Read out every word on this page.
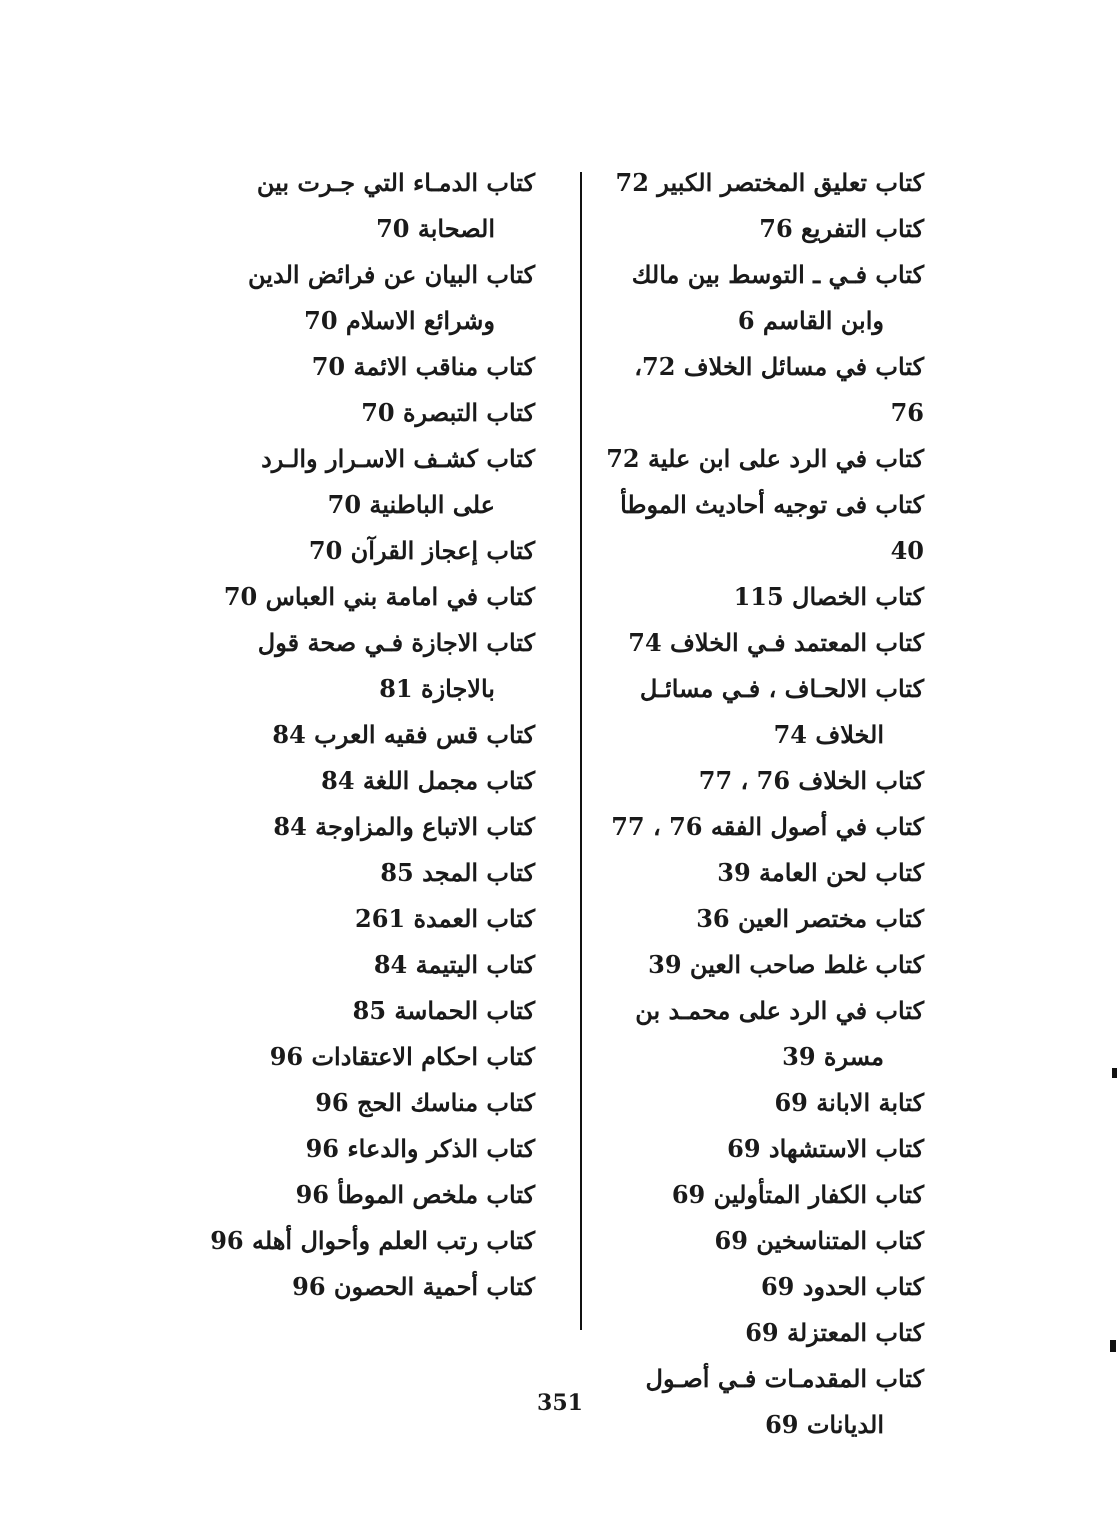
كتاب تعليق المختصر الكبير 72
كتاب التفريع 76
كتاب فـي ـ التوسط بين مالك
وابن القاسم 6
كتاب في مسائل الخلاف 72، 76
كتاب في الرد على ابن علية 72
كتاب فى توجيه أحاديث الموطأ 40
كتاب الخصال 115
كتاب المعتمد فـي الخلاف 74
كتاب الالحـاف ، فـي مسائـل
الخلاف 74
كتاب الخلاف 76 ، 77
كتاب في أصول الفقه 76 ، 77
كتاب لحن العامة 39
كتاب مختصر العين 36
كتاب غلط صاحب العين 39
كتاب في الرد على محمـد بن
مسرة 39
كتابة الابانة 69
كتاب الاستشهاد 69
كتاب الكفار المتأولين 69
كتاب المتناسخين 69
كتاب الحدود 69
كتاب المعتزلة 69
كتاب المقدمـات فـي أصـول
الديانات 69
كتاب الدمـاء التي جـرت بين
الصحابة 70
كتاب البيان عن فرائض الدين
وشرائع الاسلام 70
كتاب مناقب الائمة 70
كتاب التبصرة 70
كتاب كشـف الاسـرار والـرد
على الباطنية 70
كتاب إعجاز القرآن 70
كتاب في امامة بني العباس 70
كتاب الاجازة فـي صحة قول
بالاجازة 81
كتاب قس فقيه العرب 84
كتاب مجمل اللغة 84
كتاب الاتباع والمزاوجة 84
كتاب المجد 85
كتاب العمدة 261
كتاب اليتيمة 84
كتاب الحماسة 85
كتاب احكام الاعتقادات 96
كتاب مناسك الحج 96
كتاب الذكر والدعاء 96
كتاب ملخص الموطأ 96
كتاب رتب العلم وأحوال أهله 96
كتاب أحمية الحصون 96
351
